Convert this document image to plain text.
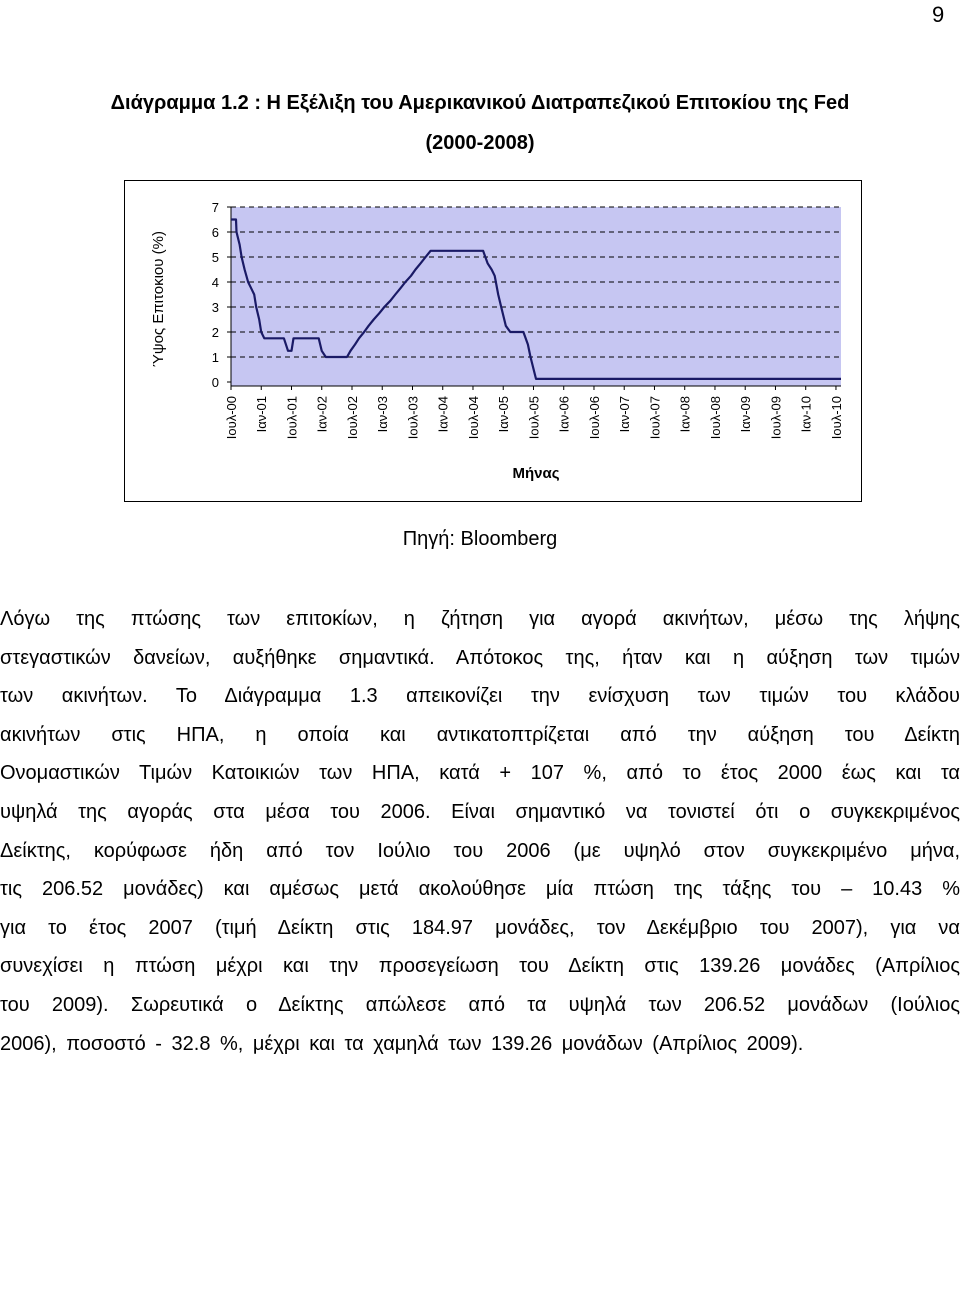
9
Διάγραμμα 1.2 : Η Εξέλιξη του Αμερικανικού Διατραπεζικού Επιτοκίου της Fed
(2000-2008)
0
1
2
3
4
5
6
7
Ιουλ-00 Ιαν-01 Ιουλ-01 Ιαν-02 Ιουλ-02 Ιαν-03 Ιουλ-03 Ιαν-04 Ιουλ-04 Ιαν-05 Ιουλ-05 Ιαν-06 Ιουλ-06 Ιαν-07 Ιουλ-07 Ιαν-08 Ιουλ-08 Ιαν-09 Ιουλ-09 Ιαν-10 Ιουλ-10
Ύψος Επιτοκιου (%)
Μήνας
Πηγή: Bloomberg

Λόγω της πτώσης των επιτοκίων, η ζήτηση για αγορά ακινήτων, μέσω της λήψης

στεγαστικών δανείων, αυξήθηκε σημαντικά. Απότοκος της, ήταν και η αύξηση των τιμών

των ακινήτων. Το Διάγραμμα 1.3 απεικονίζει την ενίσχυση των τιμών του κλάδου

ακινήτων στις ΗΠΑ, η οποία και αντικατοπτρίζεται από την αύξηση του Δείκτη

Ονομαστικών Τιμών Κατοικιών των ΗΠΑ, κατά + 107 %, από το έτος 2000 έως και τα

υψηλά της αγοράς στα μέσα του 2006. Είναι σημαντικό να τονιστεί ότι ο συγκεκριμένος

Δείκτης, κορύφωσε ήδη από τον Ιούλιο του 2006 (με υψηλό στον συγκεκριμένο μήνα,

τις 206.52 μονάδες) και αμέσως μετά ακολούθησε μία πτώση της τάξης του – 10.43 %

για το έτος 2007 (τιμή Δείκτη στις 184.97 μονάδες, τον Δεκέμβριο του 2007), για να

συνεχίσει η πτώση μέχρι και την προσεγείωση του Δείκτη στις 139.26 μονάδες (Απρίλιος

του 2009). Σωρευτικά ο Δείκτης απώλεσε από τα υψηλά των 206.52 μονάδων (Ιούλιος

2006), ποσοστό - 32.8 %, μέχρι και τα χαμηλά των 139.26 μονάδων (Απρίλιος 2009).
